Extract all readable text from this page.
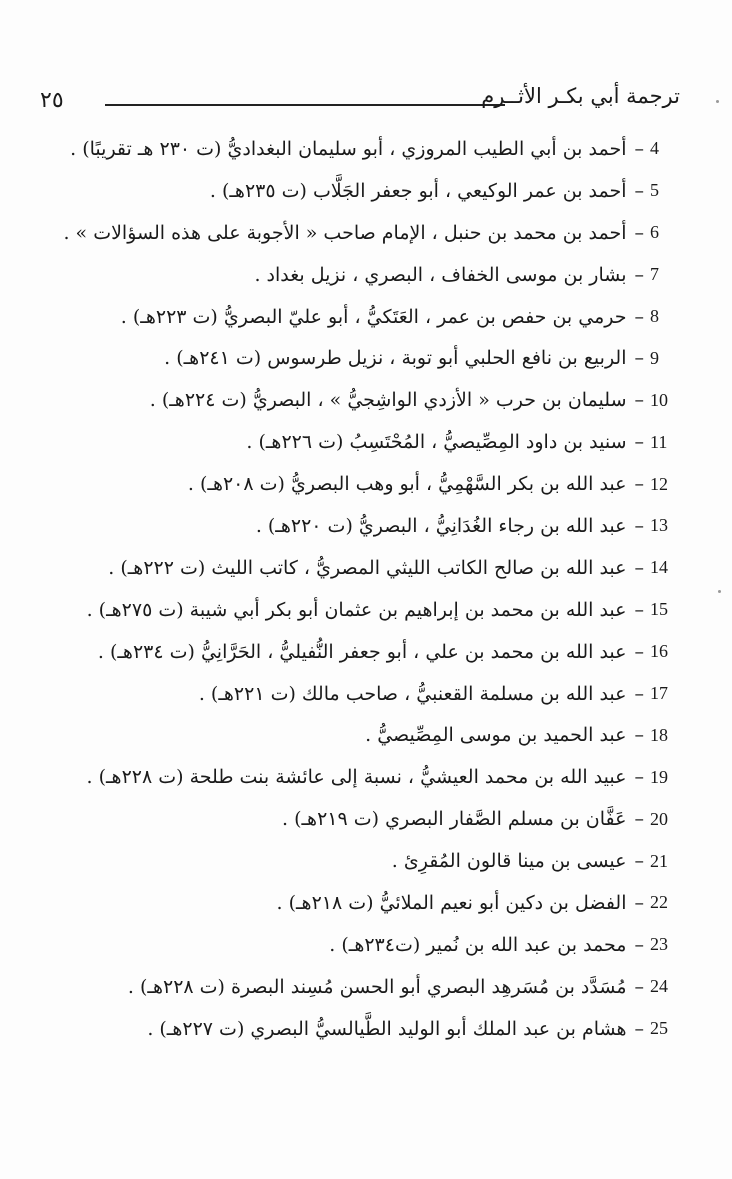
٢٥	ترجمة أبي بكـر الأثــرم
4
–
أحمد بن أبي الطيب المروزي ، أبو سليمان البغداديُّ (ت ٢٣٠ هـ تقريبًا) .
5
–
أحمد بن عمر الوكيعي ، أبو جعفر الجَلَّاب (ت ٢٣٥هـ) .
6
–
أحمد بن محمد بن حنبل ، الإمام صاحب « الأجوبة على هذه السؤالات » .
7
–
بشار بن موسى الخفاف ، البصري ، نزيل بغداد .
8
–
حرمي بن حفص بن عمر ، العَتَكيُّ ، أبو عليّ البصريُّ (ت ٢٢٣هـ) .
9
–
الربيع بن نافع الحلبي أبو توبة ، نزيل طرسوس (ت ٢٤١هـ) .
10
–
سليمان بن حرب « الأزدي الواشِجيُّ » ، البصريُّ (ت ٢٢٤هـ) .
11
–
سنيد بن داود المِصِّيصيُّ ، المُحْتَسِبُ (ت ٢٢٦هـ) .
12
–
عبد الله بن بكر السَّهْمِيُّ ، أبو وهب البصريُّ (ت ٢٠٨هـ) .
13
–
عبد الله بن رجاء الغُدَانِيُّ ، البصريُّ (ت ٢٢٠هـ) .
14
–
عبد الله بن صالح الكاتب الليثي المصريُّ ، كاتب الليث (ت ٢٢٢هـ) .
15
–
عبد الله بن محمد بن إبراهيم بن عثمان أبو بكر أبي شيبة (ت ٢٧٥هـ) .
16
–
عبد الله بن محمد بن علي ، أبو جعفر النُّفيليُّ ، الحَرَّانِيُّ (ت ٢٣٤هـ) .
17
–
عبد الله بن مسلمة القعنبيُّ ، صاحب مالك (ت ٢٢١هـ) .
18
–
عبد الحميد بن موسى المِصِّيصيُّ .
19
–
عبيد الله بن محمد العيشيُّ ، نسبة إلى عائشة بنت طلحة (ت ٢٢٨هـ) .
20
–
عَفَّان بن مسلم الصَّفار البصري (ت ٢١٩هـ) .
21
–
عيسى بن مينا قالون المُقرِئ .
22
–
الفضل بن دكين أبو نعيم الملائيُّ (ت ٢١٨هـ) .
23
–
محمد بن عبد الله بن نُمير (ت٢٣٤هـ) .
24
–
مُسَدَّد بن مُسَرهِد البصري أبو الحسن مُسِند البصرة (ت ٢٢٨هـ) .
25
–
هشام بن عبد الملك أبو الوليد الطَّيالسيُّ البصري (ت ٢٢٧هـ) .
